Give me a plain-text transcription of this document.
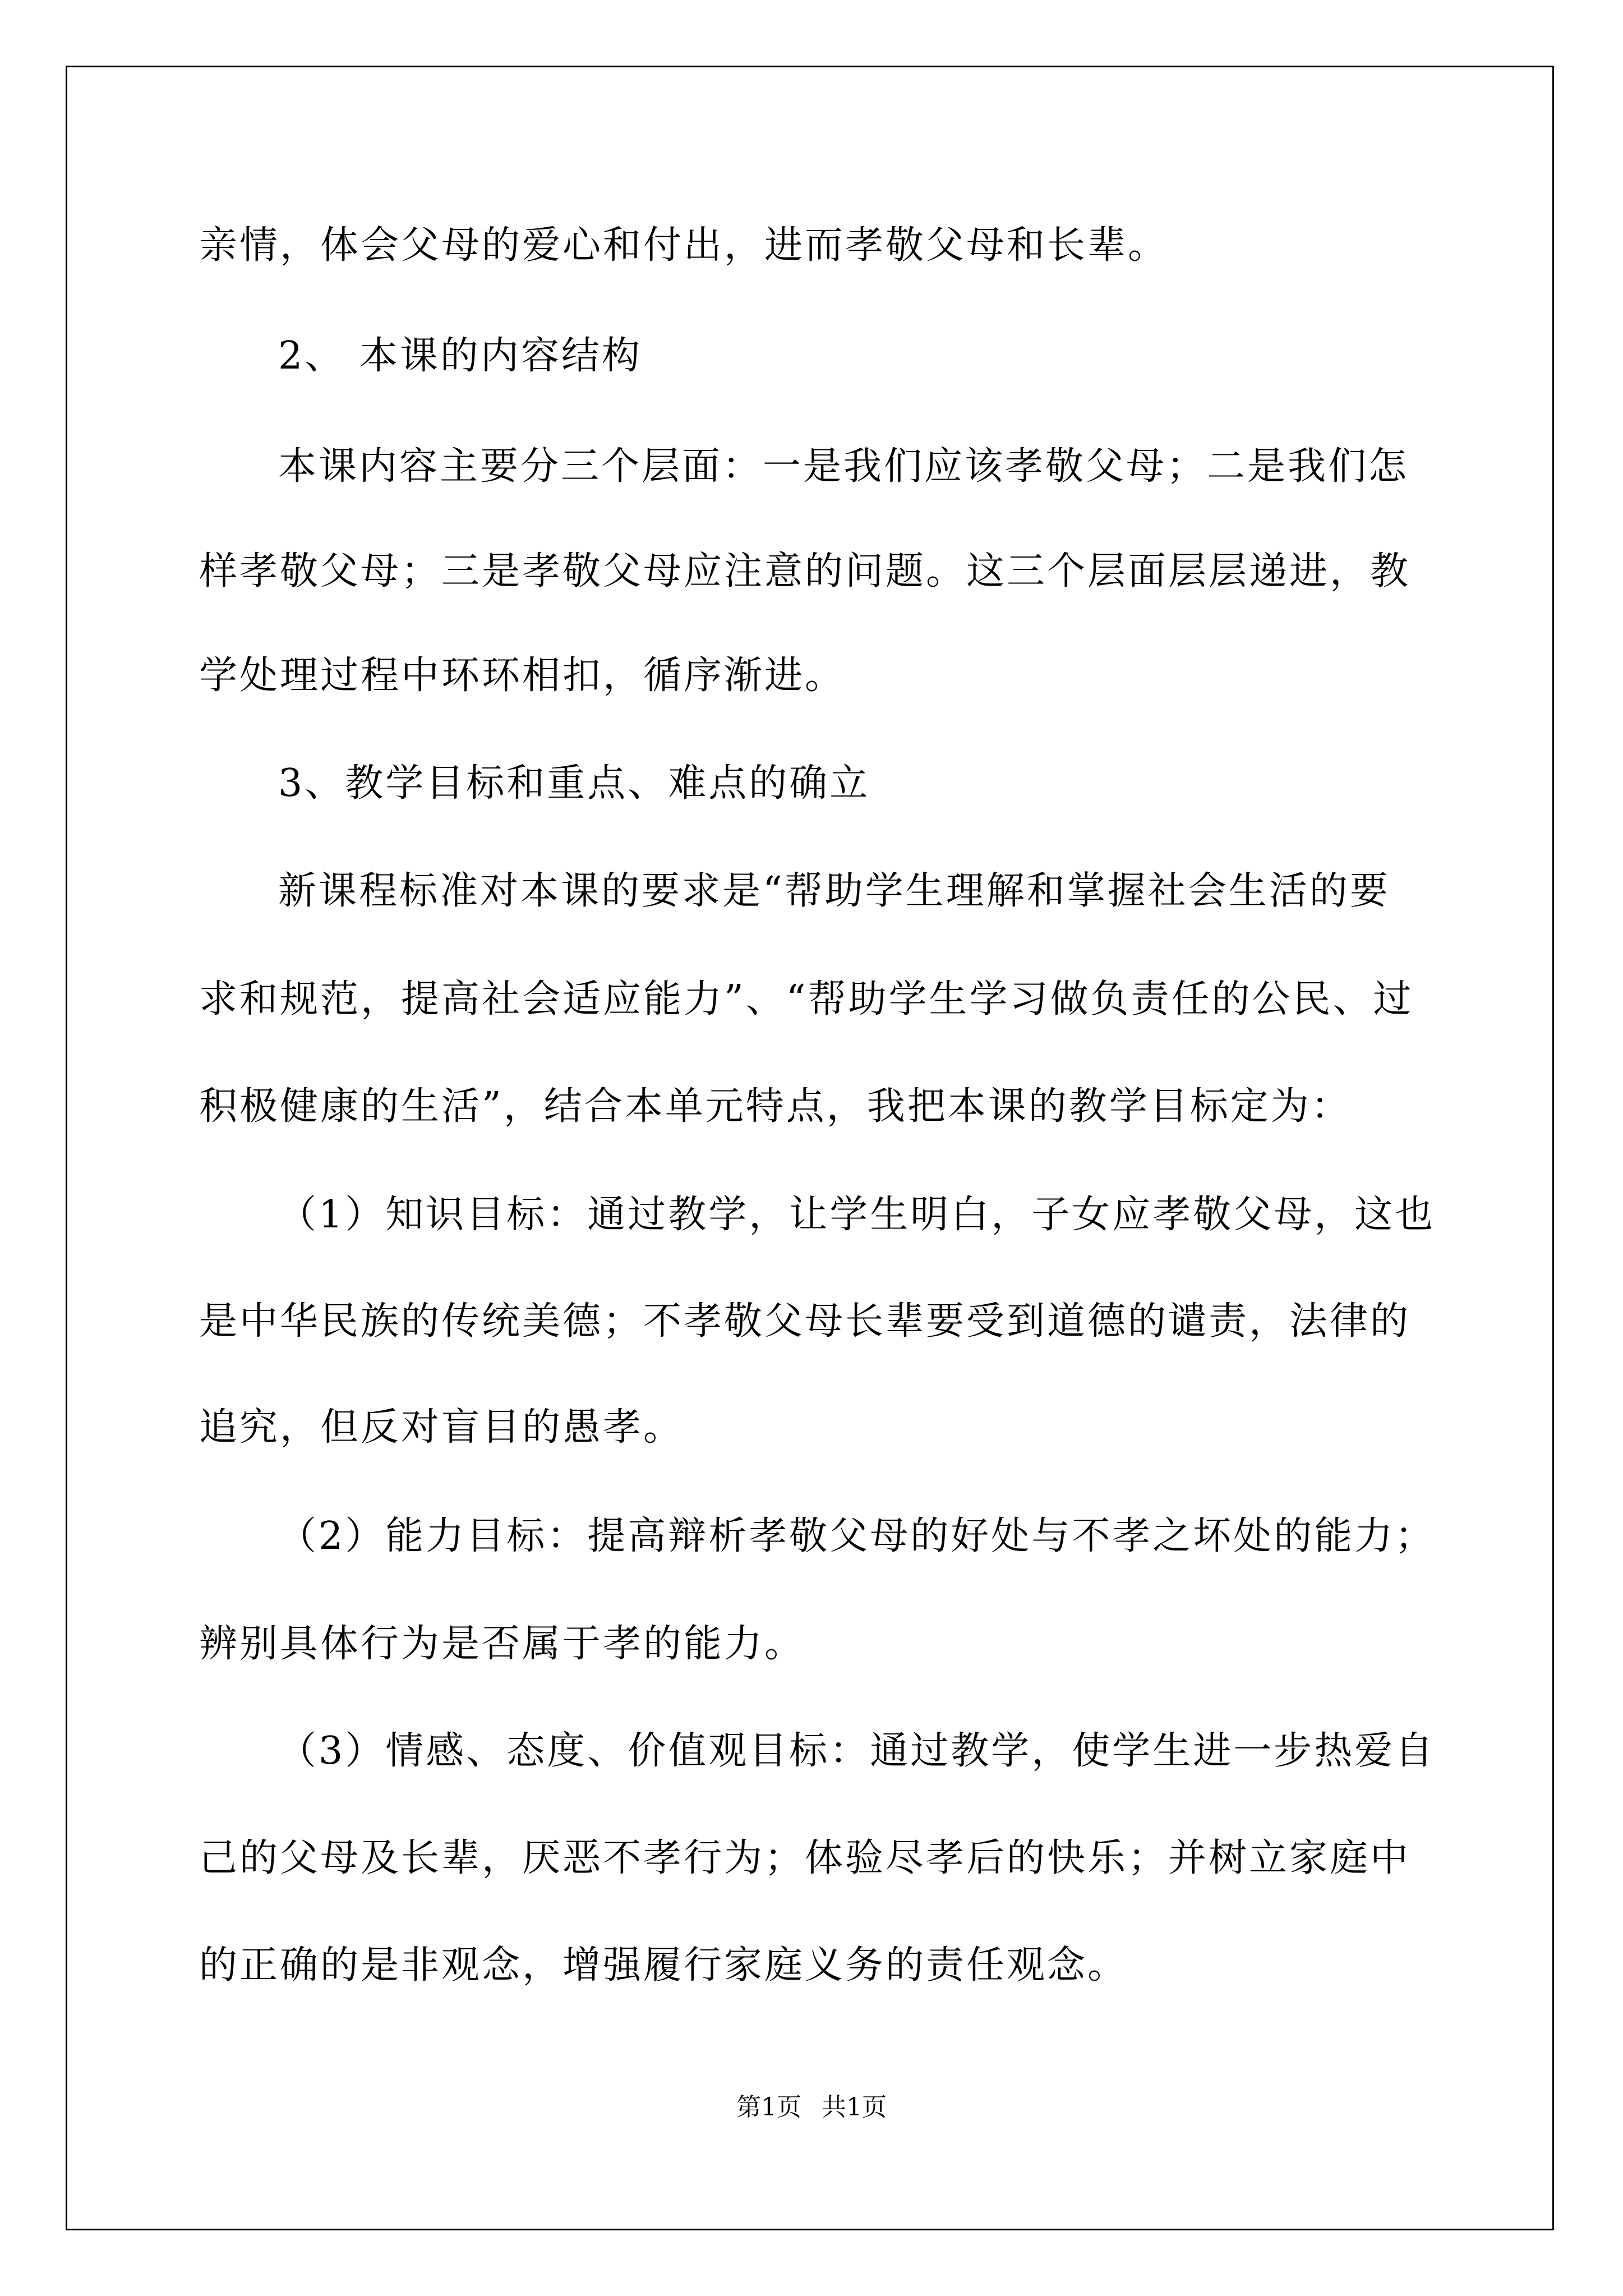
亲情，体会父母的爱心和付出，进而孝敬父母和长辈。
2、 本课的内容结构
本课内容主要分三个层面：一是我们应该孝敬父母；二是我们怎
样孝敬父母；三是孝敬父母应注意的问题。这三个层面层层递进，教
学处理过程中环环相扣，循序渐进。
3、教学目标和重点、难点的确立
新课程标准对本课的要求是“帮助学生理解和掌握社会生活的要
求和规范，提高社会适应能力”、“帮助学生学习做负责任的公民、过
积极健康的生活”，结合本单元特点，我把本课的教学目标定为：
（1）知识目标：通过教学，让学生明白，子女应孝敬父母，这也
是中华民族的传统美德；不孝敬父母长辈要受到道德的谴责，法律的
追究，但反对盲目的愚孝。
（2）能力目标：提高辩析孝敬父母的好处与不孝之坏处的能力；
辨别具体行为是否属于孝的能力。
（3）情感、态度、价值观目标：通过教学，使学生进一步热爱自
己的父母及长辈，厌恶不孝行为；体验尽孝后的快乐；并树立家庭中
的正确的是非观念，增强履行家庭义务的责任观念。
第1页 共1页
